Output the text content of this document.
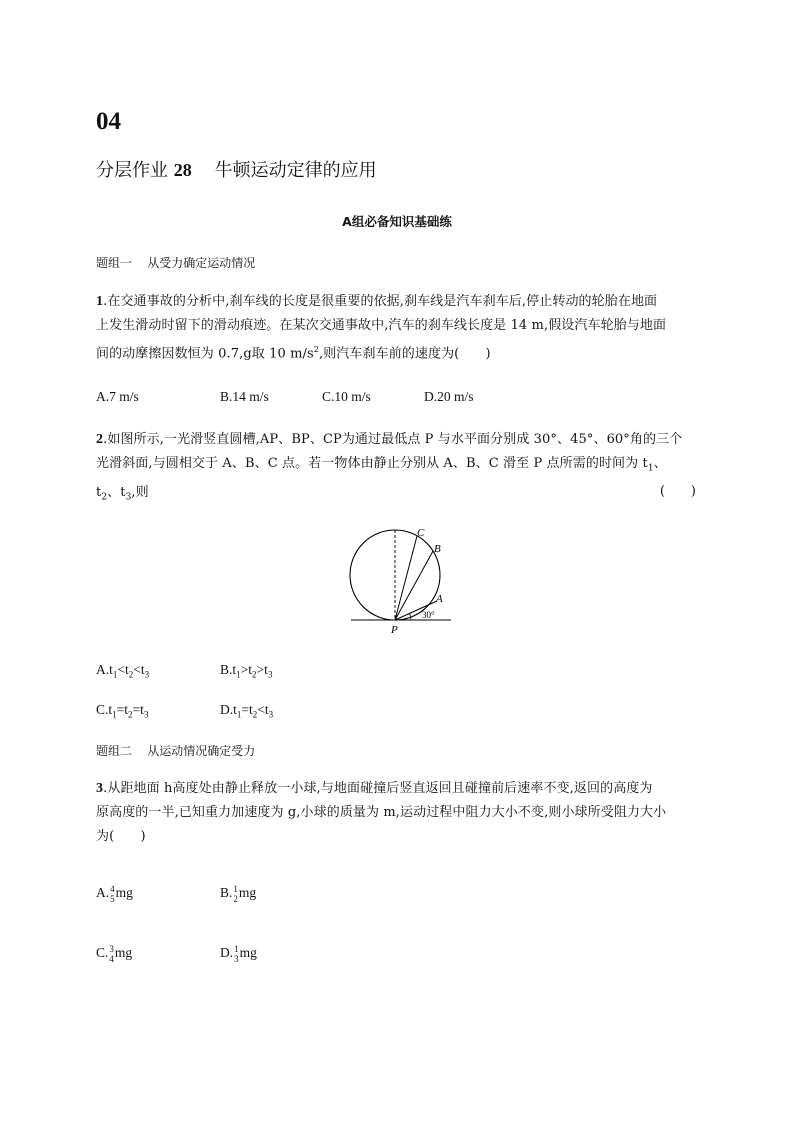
04
分层作业 28 牛顿运动定律的应用
A组必备知识基础练
题组一 从受力确定运动情况
1.在交通事故的分析中,刹车线的长度是很重要的依据,刹车线是汽车刹车后,停止转动的轮胎在地面
上发生滑动时留下的滑动痕迹。在某次交通事故中,汽车的刹车线长度是 14 m,假设汽车轮胎与地面
间的动摩擦因数恒为 0.7,g取 10 $m/s^2$,则汽车刹车前的速度为(　　)
A.7 m/s	B.14 m/s	C.10 m/s	D.20 m/s
2.如图所示,一光滑竖直圆槽,AP、BP、CP为通过最低点 P 与水平面分别成 30°、45°、60°角的三个
光滑斜面,与圆相交于 A、B、C 点。若一物体由静止分别从 A、B、C 滑至 P 点所需的时间为 $t_1$、
$t_2$、$t_3$,则	(　　)
C
B
A
P
30°
$A.t_1<t_2<t_3$	$B.t_1>t_2>t_3$
$C.t_1=t_2=t_3$	$D.t_1=t_2<t_3$
题组二 从运动情况确定受力
3.从距地面 h高度处由静止释放一小球,与地面碰撞后竖直返回且碰撞前后速率不变,返回的高度为
原高度的一半,已知重力加速度为 g,小球的质量为 m,运动过程中阻力大小不变,则小球所受阻力大小
为(　　)
A. 4
5 mg	B. 1
2 mg
C. 3
4 mg	D. 1
3 mg
